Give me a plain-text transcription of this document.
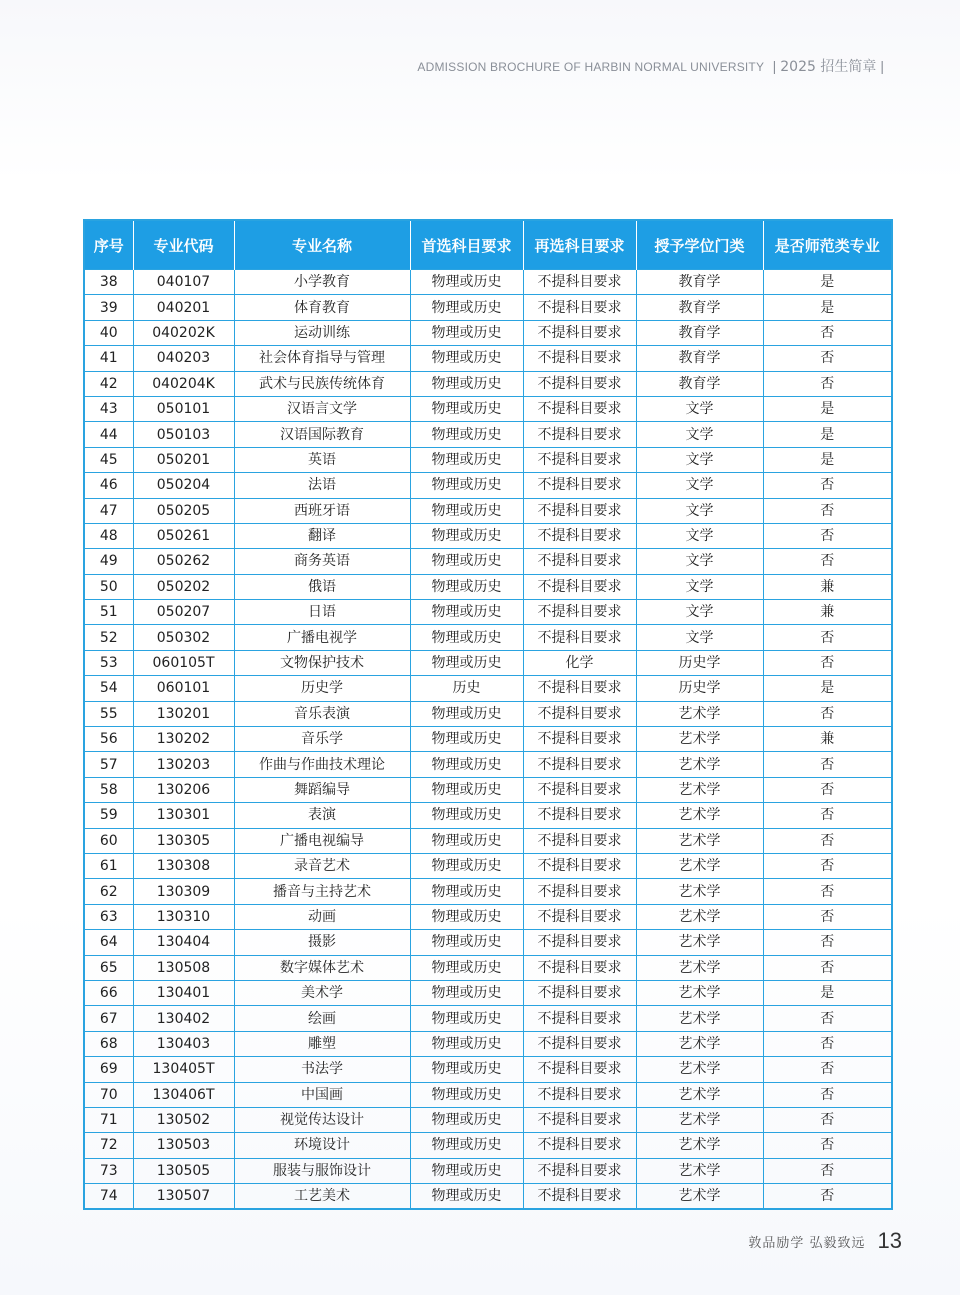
ADMISSION BROCHURE OF HARBIN NORMAL UNIVERSITY | 2025 招生简章 |
序号	专业代码	专业名称	首选科目要求	再选科目要求	授予学位门类	是否师范类专业
38	040107	小学教育	物理或历史	不提科目要求	教育学	是
39	040201	体育教育	物理或历史	不提科目要求	教育学	是
40	040202K	运动训练	物理或历史	不提科目要求	教育学	否
41	040203	社会体育指导与管理	物理或历史	不提科目要求	教育学	否
42	040204K	武术与民族传统体育	物理或历史	不提科目要求	教育学	否
43	050101	汉语言文学	物理或历史	不提科目要求	文学	是
44	050103	汉语国际教育	物理或历史	不提科目要求	文学	是
45	050201	英语	物理或历史	不提科目要求	文学	是
46	050204	法语	物理或历史	不提科目要求	文学	否
47	050205	西班牙语	物理或历史	不提科目要求	文学	否
48	050261	翻译	物理或历史	不提科目要求	文学	否
49	050262	商务英语	物理或历史	不提科目要求	文学	否
50	050202	俄语	物理或历史	不提科目要求	文学	兼
51	050207	日语	物理或历史	不提科目要求	文学	兼
52	050302	广播电视学	物理或历史	不提科目要求	文学	否
53	060105T	文物保护技术	物理或历史	化学	历史学	否
54	060101	历史学	历史	不提科目要求	历史学	是
55	130201	音乐表演	物理或历史	不提科目要求	艺术学	否
56	130202	音乐学	物理或历史	不提科目要求	艺术学	兼
57	130203	作曲与作曲技术理论	物理或历史	不提科目要求	艺术学	否
58	130206	舞蹈编导	物理或历史	不提科目要求	艺术学	否
59	130301	表演	物理或历史	不提科目要求	艺术学	否
60	130305	广播电视编导	物理或历史	不提科目要求	艺术学	否
61	130308	录音艺术	物理或历史	不提科目要求	艺术学	否
62	130309	播音与主持艺术	物理或历史	不提科目要求	艺术学	否
63	130310	动画	物理或历史	不提科目要求	艺术学	否
64	130404	摄影	物理或历史	不提科目要求	艺术学	否
65	130508	数字媒体艺术	物理或历史	不提科目要求	艺术学	否
66	130401	美术学	物理或历史	不提科目要求	艺术学	是
67	130402	绘画	物理或历史	不提科目要求	艺术学	否
68	130403	雕塑	物理或历史	不提科目要求	艺术学	否
69	130405T	书法学	物理或历史	不提科目要求	艺术学	否
70	130406T	中国画	物理或历史	不提科目要求	艺术学	否
71	130502	视觉传达设计	物理或历史	不提科目要求	艺术学	否
72	130503	环境设计	物理或历史	不提科目要求	艺术学	否
73	130505	服装与服饰设计	物理或历史	不提科目要求	艺术学	否
74	130507	工艺美术	物理或历史	不提科目要求	艺术学	否
敦品励学 弘毅致远 13
